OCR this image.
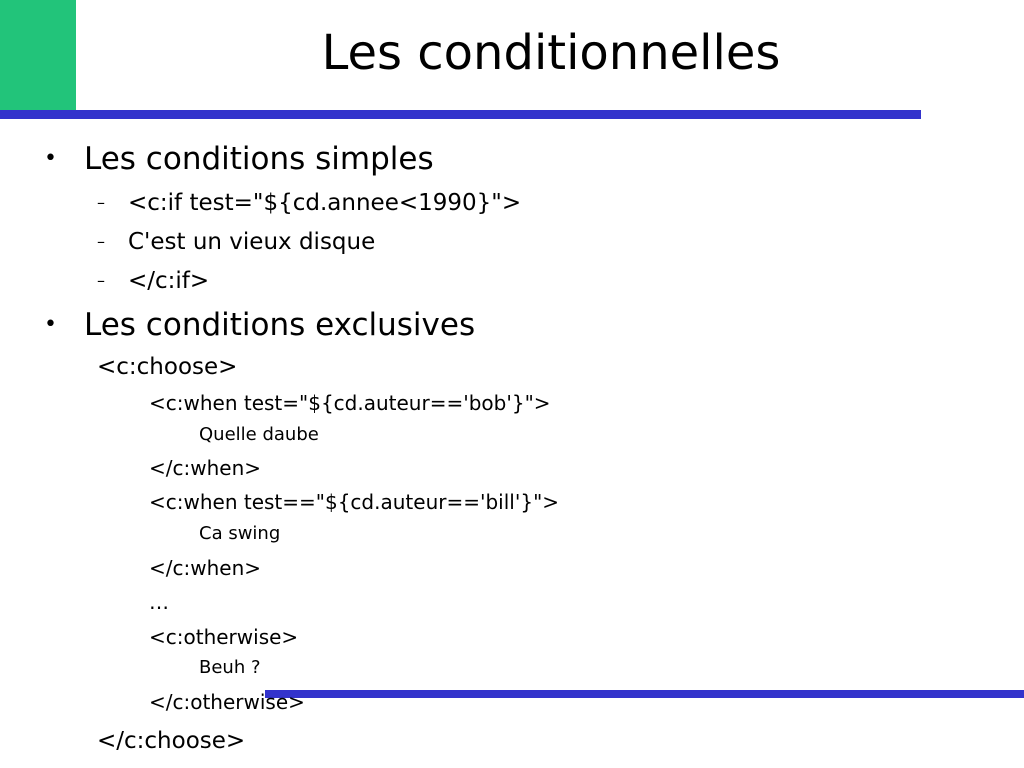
Les conditionnelles
• Les conditions simples
– <c:if test="${cd.annee<1990}">
– C'est un vieux disque
– </c:if>
• Les conditions exclusives
<c:choose>
<c:when test="${cd.auteur=='bob'}">
Quelle daube
</c:when>
<c:when test=="${cd.auteur=='bill'}">
Ca swing
</c:when>
…
<c:otherwise>
Beuh ?
</c:otherwise>
</c:choose>
